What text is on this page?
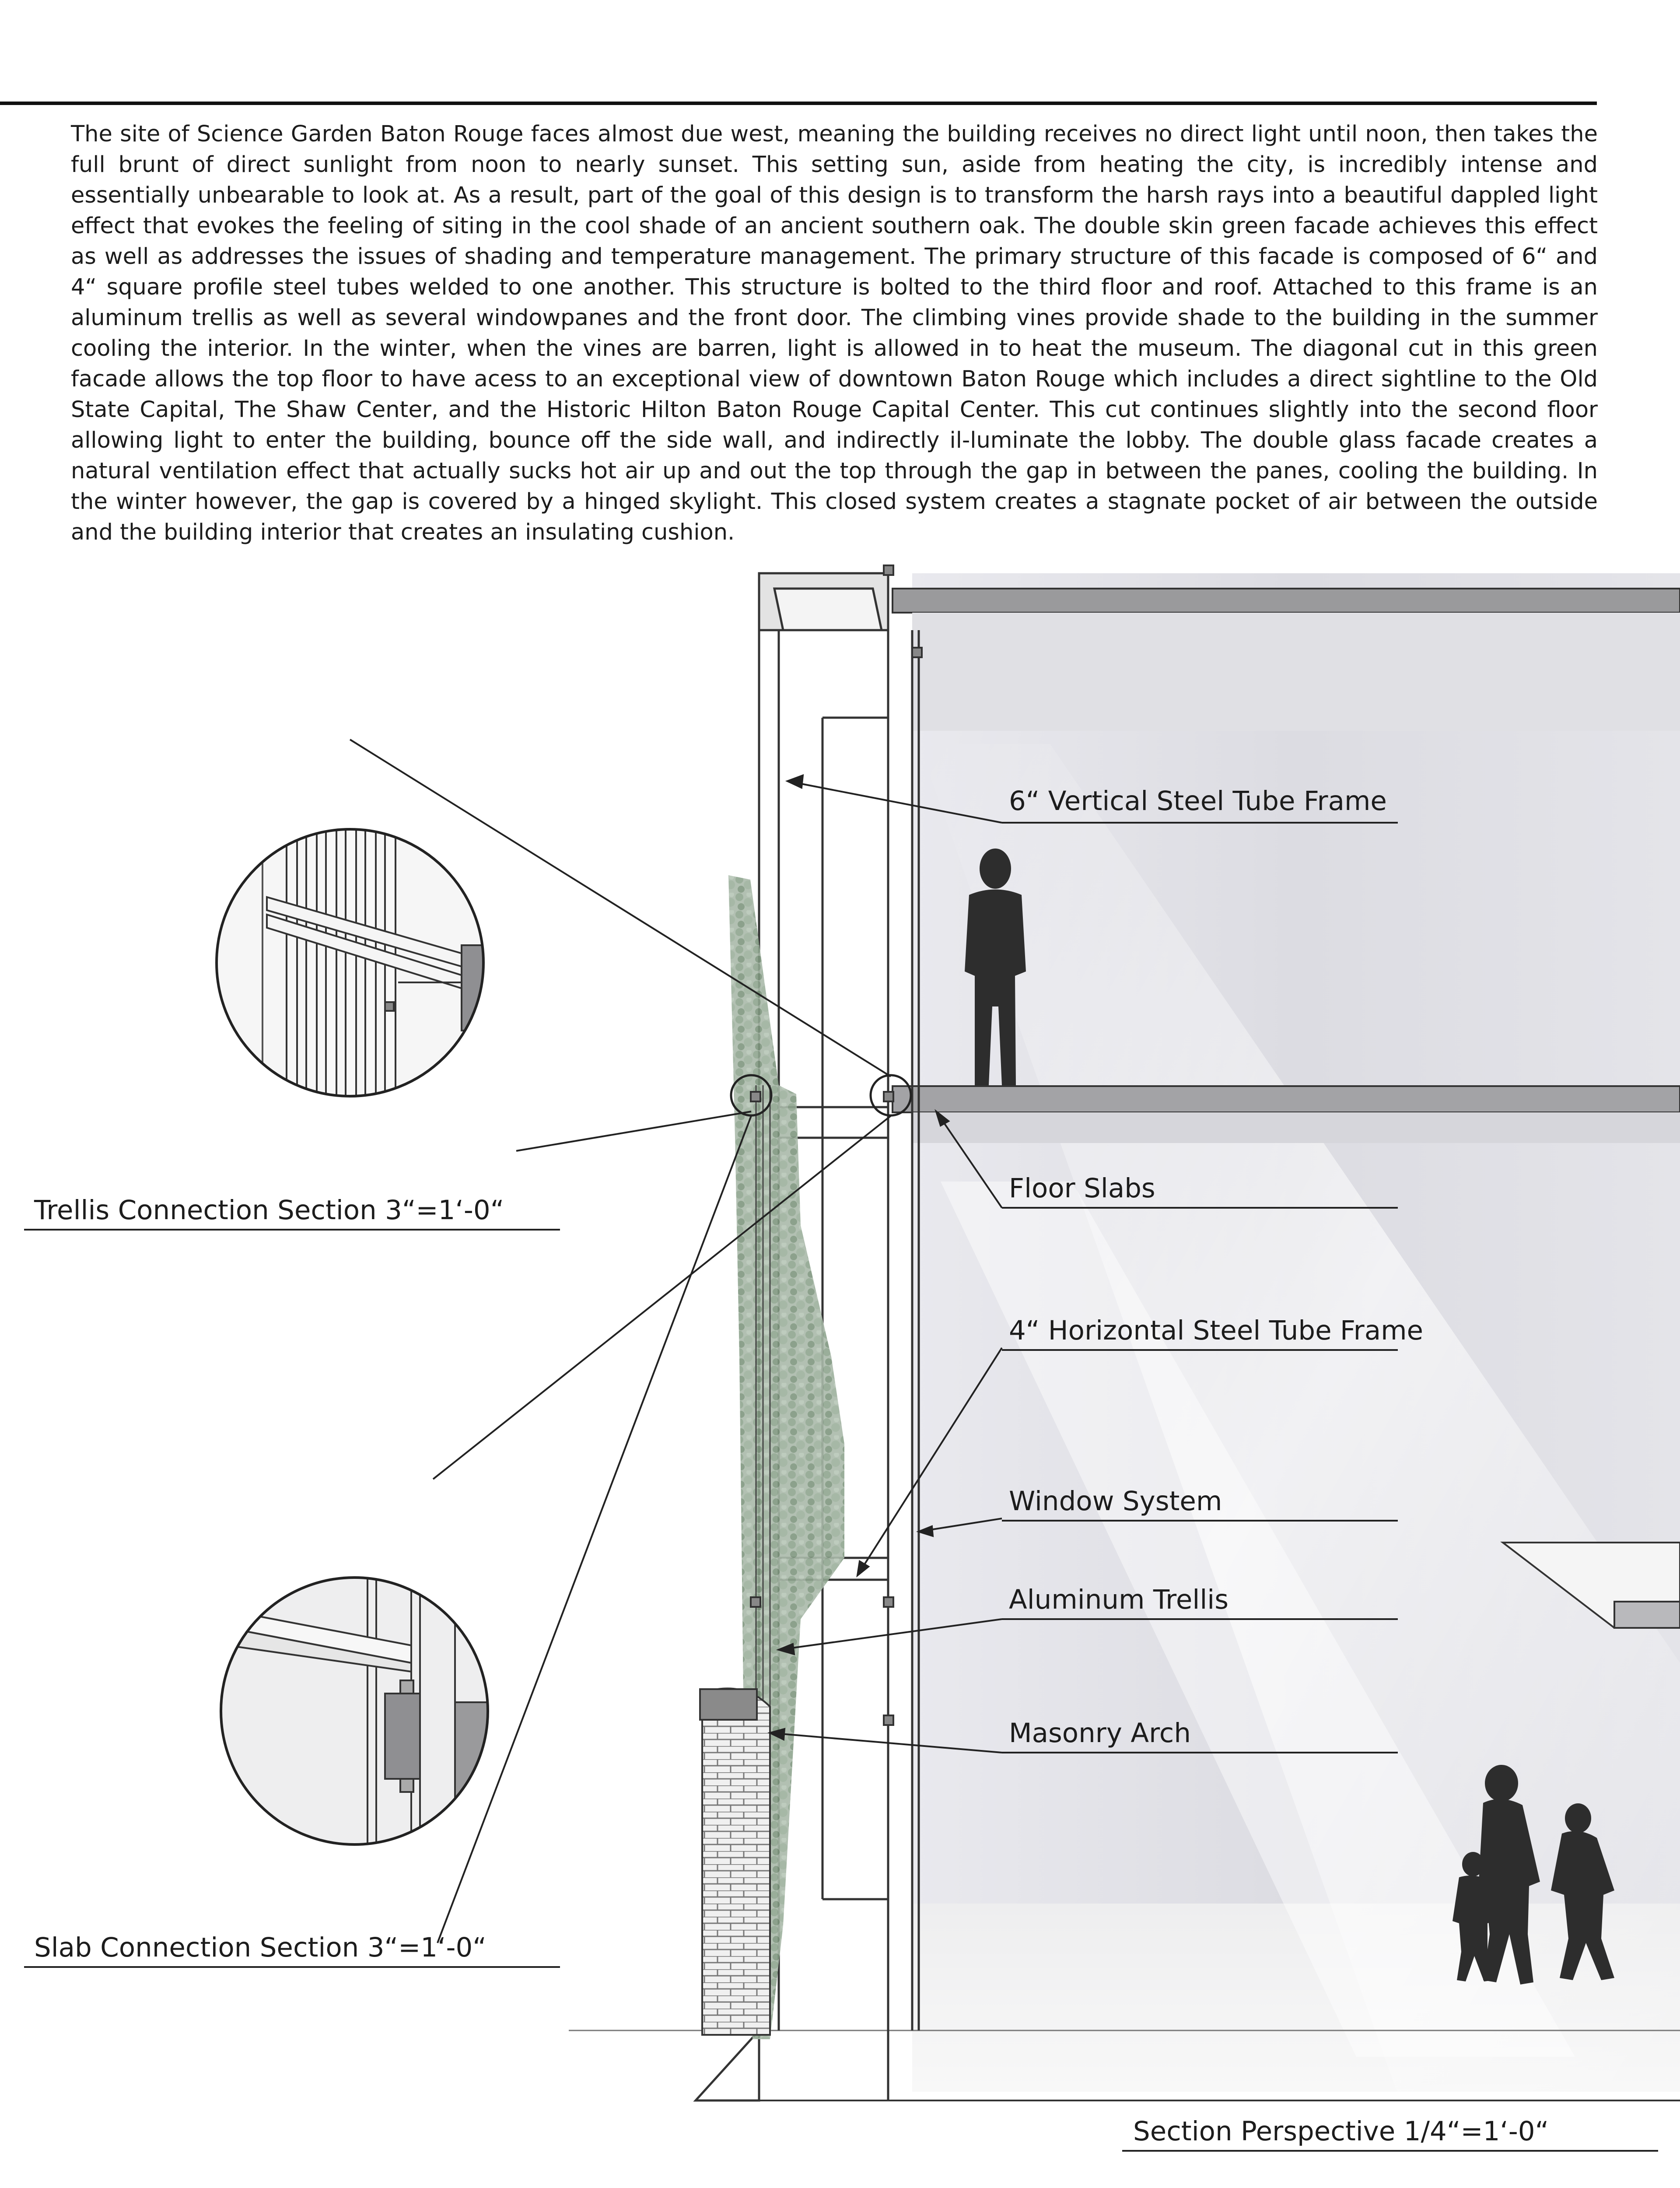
The site of Science Garden Baton Rouge faces almost due west, meaning the building receives no direct light until noon, then takes the full brunt of direct sunlight from noon to nearly sunset. This setting sun, aside from heating the city, is incredibly intense and essentially unbearable to look at. As a result, part of the goal of this design is to transform the harsh rays into a beautiful dappled light effect that evokes the feeling of siting in the cool shade of an ancient southern oak. The double skin green facade achieves this effect as well as addresses the issues of shading and temperature management. The primary structure of this facade is composed of 6“ and 4“ square profile steel tubes welded to one another. This structure is bolted to the third floor and roof. Attached to this frame is an aluminum trellis as well as several windowpanes and the front door. The climbing vines provide shade to the building in the summer cooling the interior. In the winter, when the vines are barren, light is allowed in to heat the museum. The diagonal cut in this green facade allows the top floor to have acess to an exceptional view of downtown Baton Rouge which includes a direct sightline to the Old State Capital, The Shaw Center, and the Historic Hilton Baton Rouge Capital Center. This cut continues slightly into the second floor allowing light to enter the building, bounce off the side wall, and indirectly il-luminate the lobby. The double glass facade creates a natural ventilation effect that actually sucks hot air up and out the top through the gap in between the panes, cooling the building. In the winter however, the gap is covered by a hinged skylight. This closed system creates a stagnate pocket of air between the outside and the building interior that creates an insulating cushion.

6“ Vertical Steel Tube Frame
Floor Slabs
4“ Horizontal Steel Tube Frame
Window System
Aluminum Trellis
Masonry Arch
Trellis Connection Section 3“=1‘-0“
Slab Connection Section 3“=1‘-0“
Section Perspective 1/4“=1‘-0“
